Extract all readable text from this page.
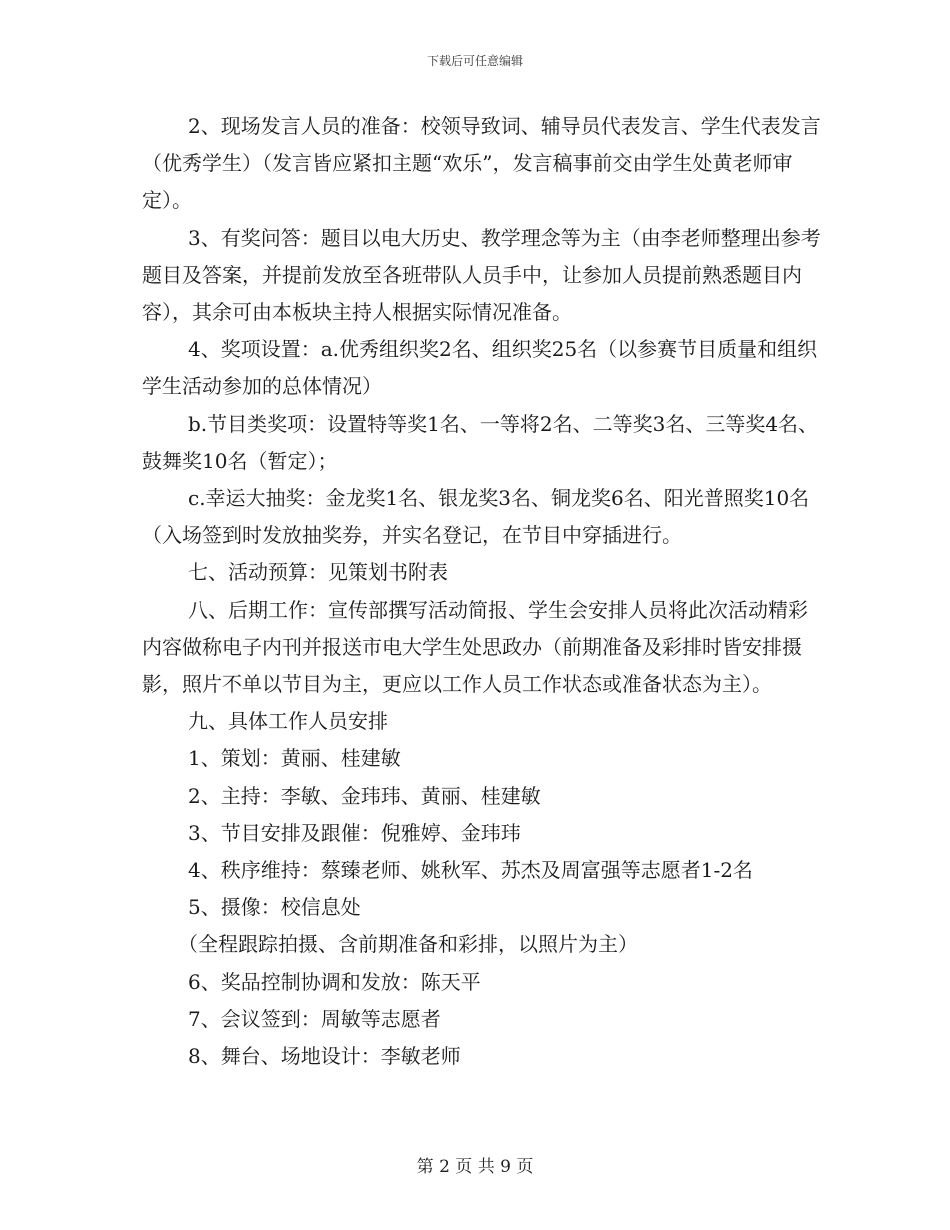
下载后可任意编辑

2、现场发言人员的准备：校领导致词、辅导员代表发言、学生代表发言（优秀学生）（发言皆应紧扣主题“欢乐”，发言稿事前交由学生处黄老师审定）。

3、有奖问答：题目以电大历史、教学理念等为主（由李老师整理出参考题目及答案，并提前发放至各班带队人员手中，让参加人员提前熟悉题目内容），其余可由本板块主持人根据实际情况准备。

4、奖项设置：a.优秀组织奖2名、组织奖25名（以参赛节目质量和组织学生活动参加的总体情况）

b.节目类奖项：设置特等奖1名、一等将2名、二等奖3名、三等奖4名、鼓舞奖10名（暂定）；

c.幸运大抽奖：金龙奖1名、银龙奖3名、铜龙奖6名、阳光普照奖10名（入场签到时发放抽奖券，并实名登记，在节目中穿插进行。

七、活动预算：见策划书附表

八、后期工作：宣传部撰写活动简报、学生会安排人员将此次活动精彩内容做称电子内刊并报送市电大学生处思政办（前期准备及彩排时皆安排摄影，照片不单以节目为主，更应以工作人员工作状态或准备状态为主）。

九、具体工作人员安排

1、策划：黄丽、桂建敏

2、主持：李敏、金玮玮、黄丽、桂建敏

3、节目安排及跟催：倪雅婷、金玮玮

4、秩序维持：蔡臻老师、姚秋军、苏杰及周富强等志愿者1-2名

5、摄像：校信息处

（全程跟踪拍摄、含前期准备和彩排，以照片为主）

6、奖品控制协调和发放：陈天平

7、会议签到：周敏等志愿者

8、舞台、场地设计：李敏老师

第 2 页 共 9 页
